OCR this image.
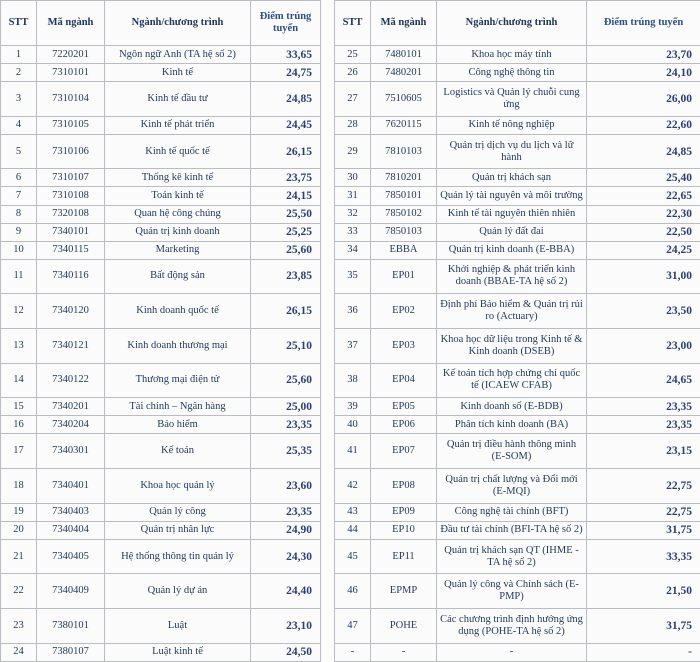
STT	Mã ngành	Ngành/chương trình	Điểm trúng tuyển		STT	Mã ngành	Ngành/chương trình	Điểm trúng tuyển
1	7220201	Ngôn ngữ Anh (TA hệ số 2)	33,65		25	7480101	Khoa học máy tính	23,70
2	7310101	Kinh tế	24,75		26	7480201	Công nghệ thông tin	24,10
3	7310104	Kinh tế đầu tư	24,85		27	7510605	Logistics và Quản lý chuỗi cung ứng	26,00
4	7310105	Kinh tế phát triển	24,45		28	7620115	Kinh tế nông nghiệp	22,60
5	7310106	Kinh tế quốc tế	26,15		29	7810103	Quản trị dịch vụ du lịch và lữ hành	24,85
6	7310107	Thống kê kinh tế	23,75		30	7810201	Quản trị khách sạn	25,40
7	7310108	Toán kinh tế	24,15		31	7850101	Quản lý tài nguyên và môi trường	22,65
8	7320108	Quan hệ công chúng	25,50		32	7850102	Kinh tế tài nguyên thiên nhiên	22,30
9	7340101	Quản trị kinh doanh	25,25		33	7850103	Quản lý đất đai	22,50
10	7340115	Marketing	25,60		34	EBBA	Quản trị kinh doanh (E-BBA)	24,25
11	7340116	Bất động sản	23,85		35	EP01	Khởi nghiệp & phát triển kinh doanh (BBAE-TA hệ số 2)	31,00
12	7340120	Kinh doanh quốc tế	26,15		36	EP02	Định phí Bảo hiểm & Quản trị rủi ro (Actuary)	23,50
13	7340121	Kinh doanh thương mại	25,10		37	EP03	Khoa học dữ liệu trong Kinh tế & Kinh doanh (DSEB)	23,00
14	7340122	Thương mại điện tử	25,60		38	EP04	Kế toán tích hợp chứng chỉ quốc tế (ICAEW CFAB)	24,65
15	7340201	Tài chính – Ngân hàng	25,00		39	EP05	Kinh doanh số (E-BDB)	23,35
16	7340204	Bảo hiểm	23,35		40	EP06	Phân tích kinh doanh (BA)	23,35
17	7340301	Kế toán	25,35		41	EP07	Quản trị điều hành thông minh (E-SOM)	23,15
18	7340401	Khoa học quản lý	23,60		42	EP08	Quản trị chất lượng và Đổi mới (E-MQI)	22,75
19	7340403	Quản lý công	23,35		43	EP09	Công nghệ tài chính (BFT)	22,75
20	7340404	Quản trị nhân lực	24,90		44	EP10	Đầu tư tài chính (BFI-TA hệ số 2)	31,75
21	7340405	Hệ thống thông tin quản lý	24,30		45	EP11	Quản trị khách sạn QT (IHME - TA hệ số 2)	33,35
22	7340409	Quản lý dự án	24,40		46	EPMP	Quản lý công và Chính sách (E-PMP)	21,50
23	7380101	Luật	23,10		47	POHE	Các chương trình định hướng ứng dụng (POHE-TA hệ số 2)	31,75
24	7380107	Luật kinh tế	24,50		-	-	-	-
